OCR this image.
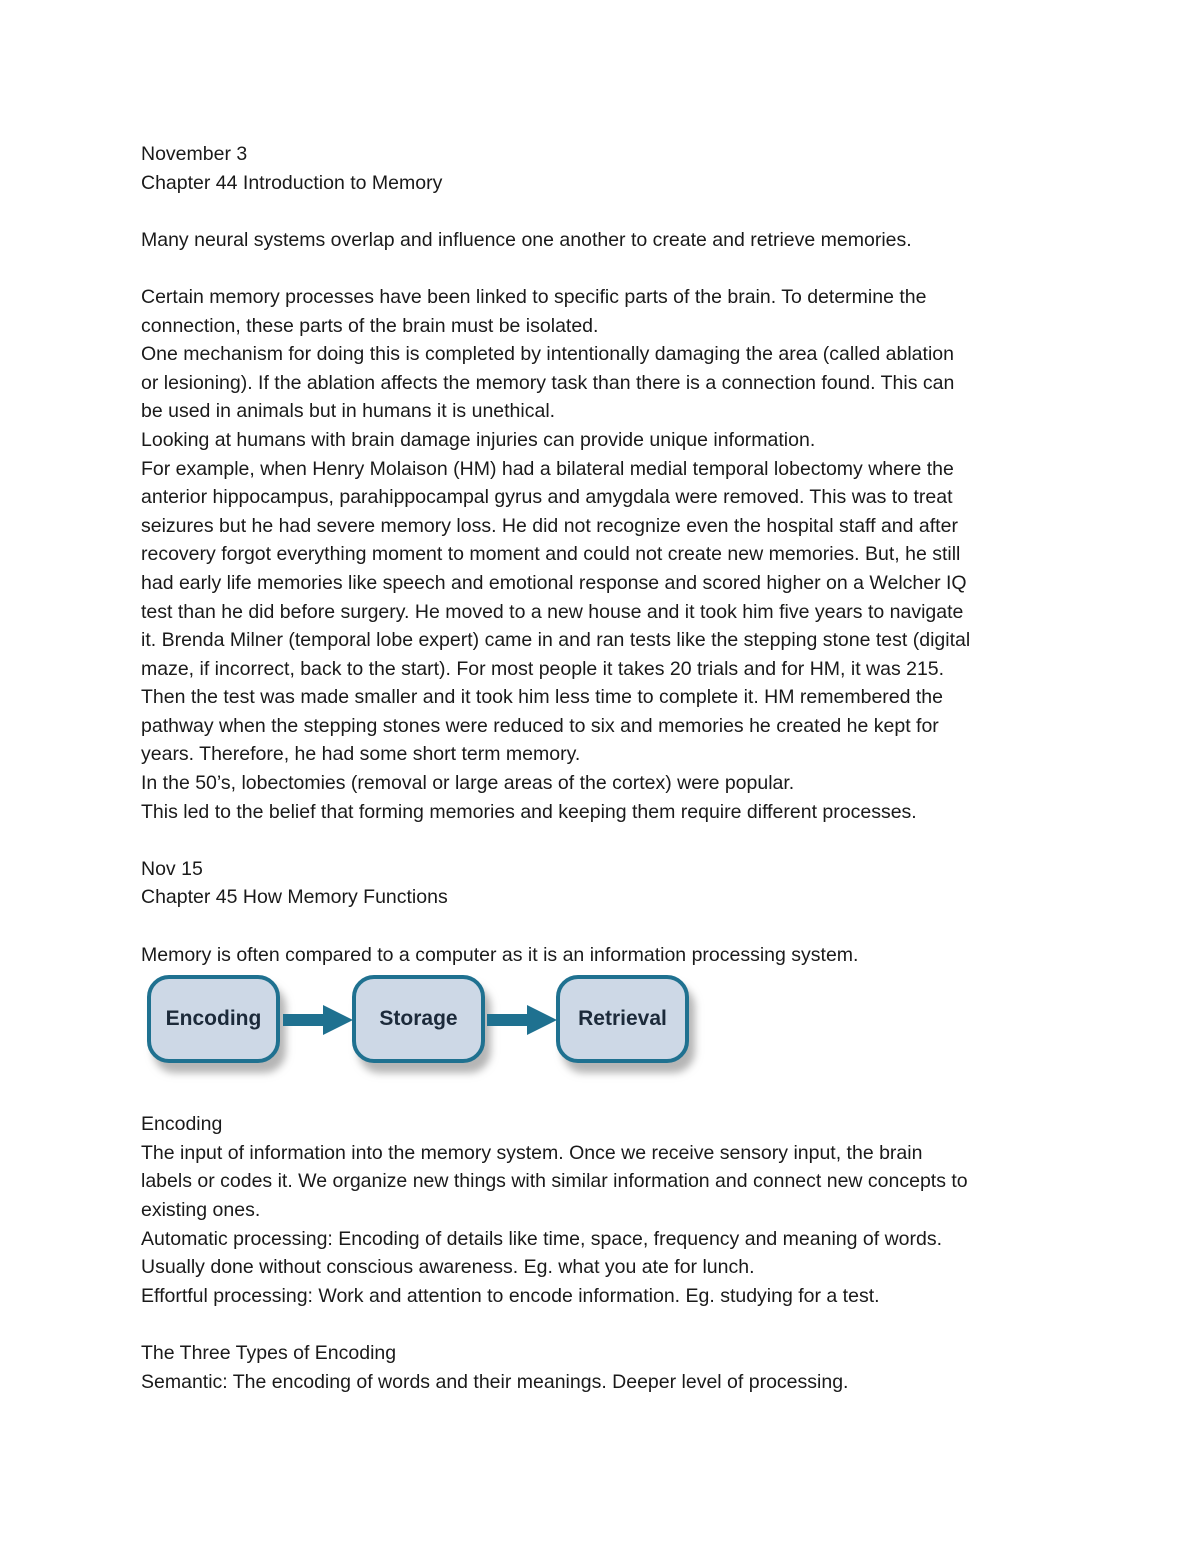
November 3

Chapter 44 Introduction to Memory

Many neural systems overlap and influence one another to create and retrieve memories.

Certain memory processes have been linked to specific parts of the brain. To determine the

connection, these parts of the brain must be isolated.

One mechanism for doing this is completed by intentionally damaging the area (called ablation

or lesioning). If the ablation affects the memory task than there is a connection found. This can

be used in animals but in humans it is unethical.

Looking at humans with brain damage injuries can provide unique information.

For example, when Henry Molaison (HM) had a bilateral medial temporal lobectomy where the

anterior hippocampus, parahippocampal gyrus and amygdala were removed. This was to treat

seizures but he had severe memory loss. He did not recognize even the hospital staff and after

recovery forgot everything moment to moment and could not create new memories. But, he still

had early life memories like speech and emotional response and scored higher on a Welcher IQ

test than he did before surgery. He moved to a new house and it took him five years to navigate

it. Brenda Milner (temporal lobe expert) came in and ran tests like the stepping stone test (digital

maze, if incorrect, back to the start). For most people it takes 20 trials and for HM, it was 215.

Then the test was made smaller and it took him less time to complete it. HM remembered the

pathway when the stepping stones were reduced to six and memories he created he kept for

years. Therefore, he had some short term memory.

In the 50’s, lobectomies (removal or large areas of the cortex) were popular.

This led to the belief that forming memories and keeping them require different processes.

Nov 15

Chapter 45 How Memory Functions

Memory is often compared to a computer as it is an information processing system.

Encoding	Storage	Retrieval

Encoding

The input of information into the memory system. Once we receive sensory input, the brain

labels or codes it. We organize new things with similar information and connect new concepts to

existing ones.

Automatic processing: Encoding of details like time, space, frequency and meaning of words.

Usually done without conscious awareness. Eg. what you ate for lunch.

Effortful processing: Work and attention to encode information. Eg. studying for a test.

The Three Types of Encoding

Semantic: The encoding of words and their meanings. Deeper level of processing.
